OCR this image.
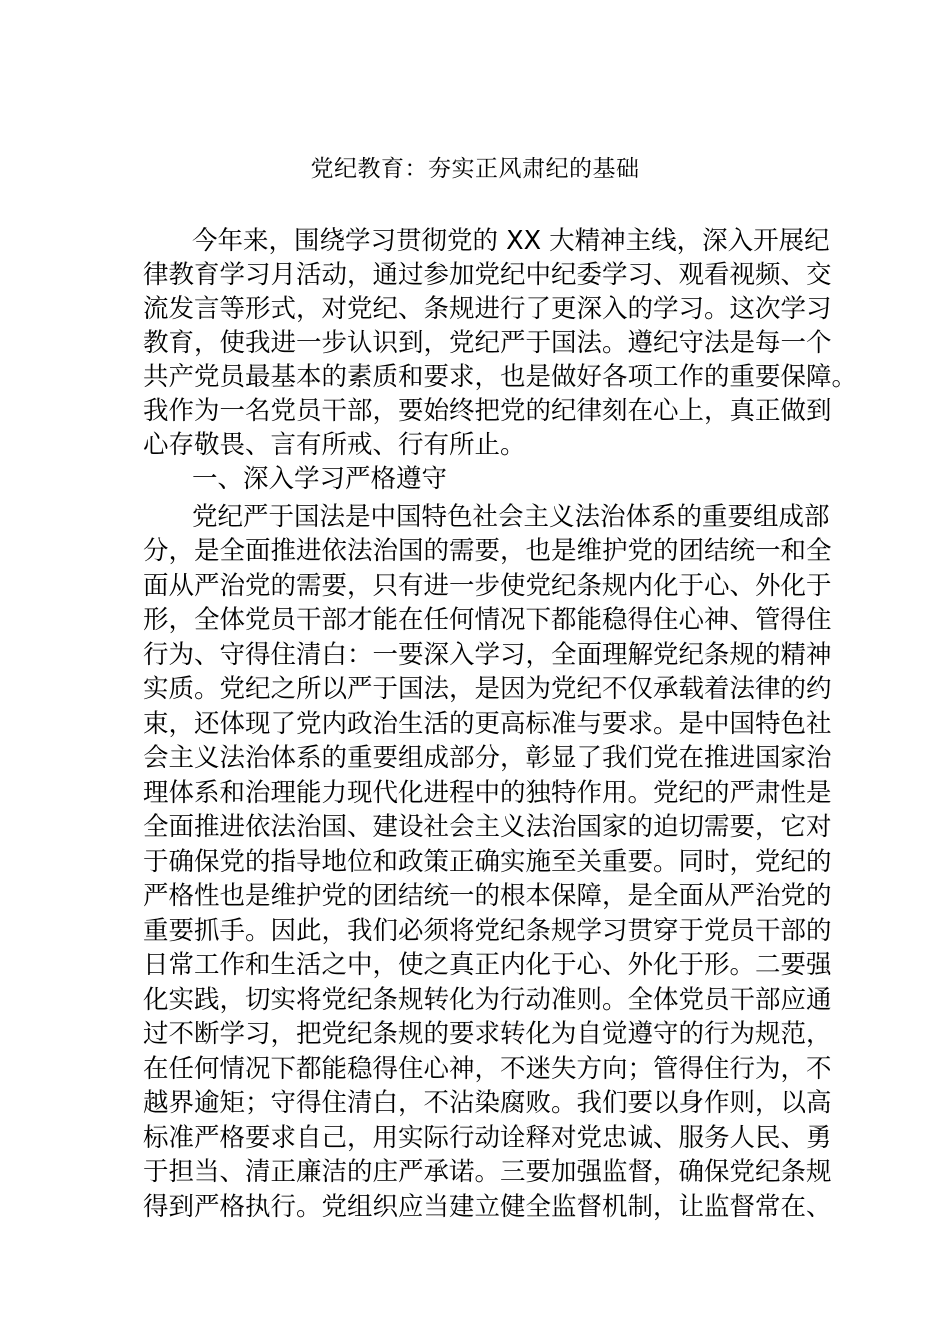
党纪教育：夯实正风肃纪的基础
今年来，围绕学习贯彻党的 XX 大精神主线，深入开展纪
律教育学习月活动，通过参加党纪中纪委学习、观看视频、交
流发言等形式，对党纪、条规进行了更深入的学习。这次学习
教育，使我进一步认识到，党纪严于国法。遵纪守法是每一个
共产党员最基本的素质和要求，也是做好各项工作的重要保障。
我作为一名党员干部，要始终把党的纪律刻在心上，真正做到
心存敬畏、言有所戒、行有所止。
一、深入学习严格遵守
党纪严于国法是中国特色社会主义法治体系的重要组成部
分，是全面推进依法治国的需要，也是维护党的团结统一和全
面从严治党的需要，只有进一步使党纪条规内化于心、外化于
形，全体党员干部才能在任何情况下都能稳得住心神、管得住
行为、守得住清白：一要深入学习，全面理解党纪条规的精神
实质。党纪之所以严于国法，是因为党纪不仅承载着法律的约
束，还体现了党内政治生活的更高标准与要求。是中国特色社
会主义法治体系的重要组成部分，彰显了我们党在推进国家治
理体系和治理能力现代化进程中的独特作用。党纪的严肃性是
全面推进依法治国、建设社会主义法治国家的迫切需要，它对
于确保党的指导地位和政策正确实施至关重要。同时，党纪的
严格性也是维护党的团结统一的根本保障，是全面从严治党的
重要抓手。因此，我们必须将党纪条规学习贯穿于党员干部的
日常工作和生活之中，使之真正内化于心、外化于形。二要强
化实践，切实将党纪条规转化为行动准则。全体党员干部应通
过不断学习，把党纪条规的要求转化为自觉遵守的行为规范，
在任何情况下都能稳得住心神，不迷失方向；管得住行为，不
越界逾矩；守得住清白，不沾染腐败。我们要以身作则，以高
标准严格要求自己，用实际行动诠释对党忠诚、服务人民、勇
于担当、清正廉洁的庄严承诺。三要加强监督，确保党纪条规
得到严格执行。党组织应当建立健全监督机制，让监督常在、
